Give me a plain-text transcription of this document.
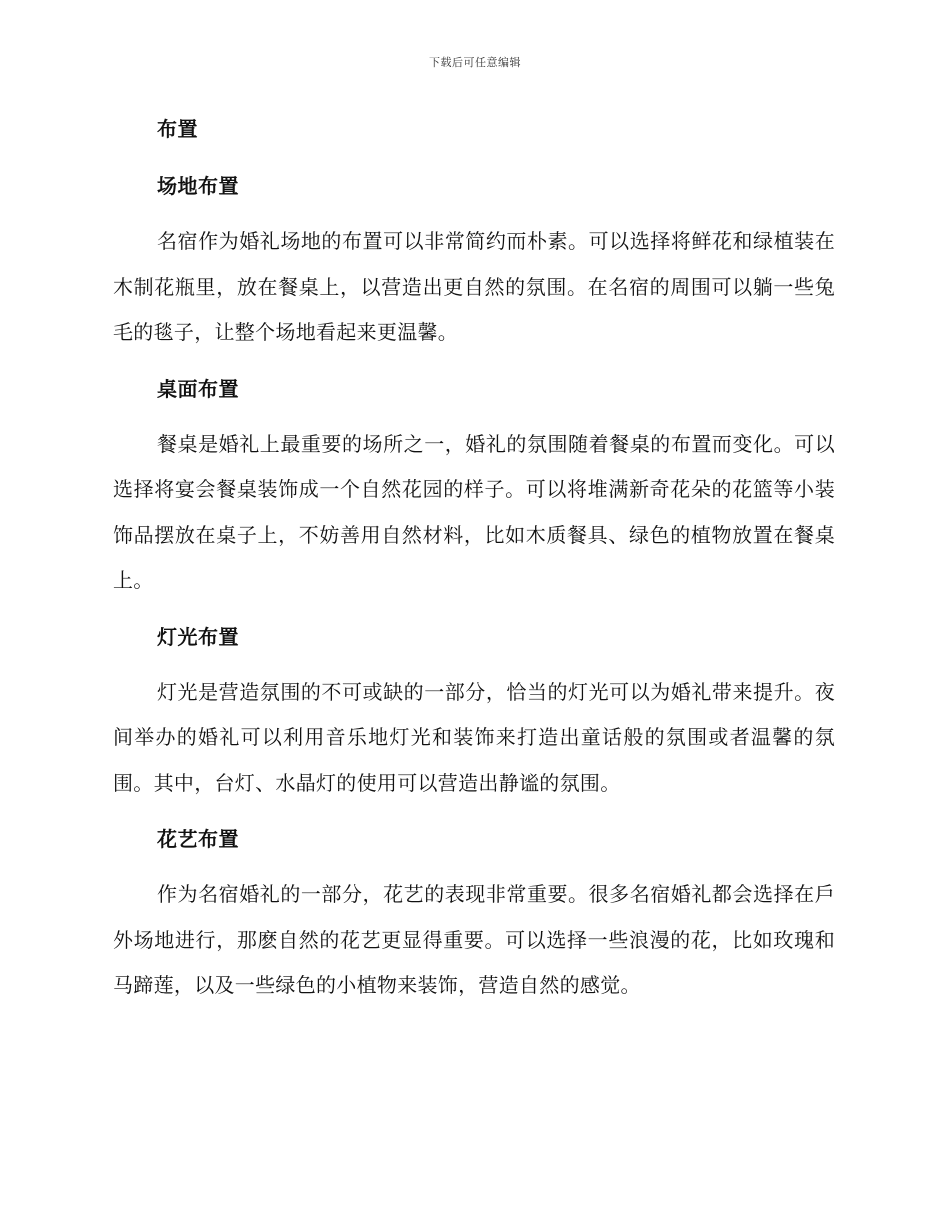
下载后可任意编辑
布置
场地布置

名宿作为婚礼场地的布置可以非常简约而朴素。可以选择将鲜花和绿植装在木制花瓶里，放在餐桌上，以营造出更自然的氛围。在名宿的周围可以躺一些兔毛的毯子，让整个场地看起来更温馨。

桌面布置

餐桌是婚礼上最重要的场所之一，婚礼的氛围随着餐桌的布置而变化。可以选择将宴会餐桌装饰成一个自然花园的样子。可以将堆满新奇花朵的花篮等小装饰品摆放在桌子上，不妨善用自然材料，比如木质餐具、绿色的植物放置在餐桌上。

灯光布置

灯光是营造氛围的不可或缺的一部分，恰当的灯光可以为婚礼带来提升。夜间举办的婚礼可以利用音乐地灯光和装饰来打造出童话般的氛围或者温馨的氛围。其中，台灯、水晶灯的使用可以营造出静谧的氛围。

花艺布置

作为名宿婚礼的一部分，花艺的表现非常重要。很多名宿婚礼都会选择在戶外场地进行，那麽自然的花艺更显得重要。可以选择一些浪漫的花，比如玫瑰和马蹄莲，以及一些绿色的小植物来装饰，营造自然的感觉。
